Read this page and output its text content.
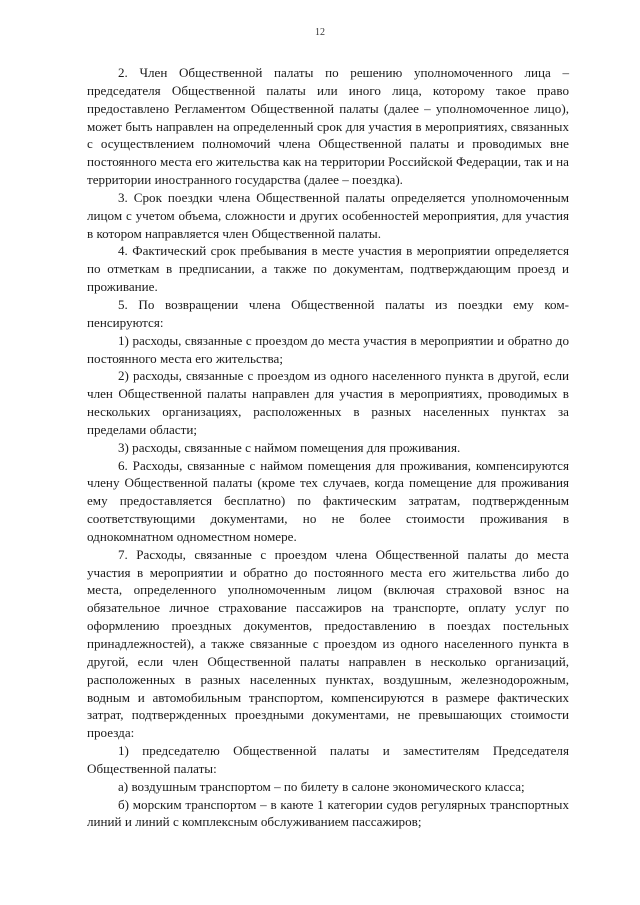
12

2. Член Общественной палаты по решению уполномоченного лица – председателя Общественной палаты или иного лица, которому такое право предоставлено Регламентом Общественной палаты (далее – уполномоченное лицо), может быть направлен на определенный срок для участия в мероприятиях, связанных с осуществлением полномочий члена Общественной палаты и проводимых вне постоянного места его жительства как на территории Российской Федерации, так и на территории иностранного государства (далее – поездка).

3. Срок поездки члена Общественной палаты определяется уполномоченным лицом с учетом объема, сложности и других особенностей мероприятия, для участия в котором направляется член Общественной палаты.

4. Фактический срок пребывания в месте участия в мероприятии определяется по отметкам в предписании, а также по документам, подтверждающим проезд и проживание.

5. По возвращении члена Общественной палаты из поездки ему компенсируются:

1) расходы, связанные с проездом до места участия в мероприятии и обратно до постоянного места его жительства;

2) расходы, связанные с проездом из одного населенного пункта в другой, если член Общественной палаты направлен для участия в мероприятиях, проводимых в нескольких организациях, расположенных в разных населенных пунктах за пределами области;

3) расходы, связанные с наймом помещения для проживания.

6. Расходы, связанные с наймом помещения для проживания, компенсируются члену Общественной палаты (кроме тех случаев, когда помещение для проживания ему предоставляется бесплатно) по фактическим затратам, подтвержденным соответствующими документами, но не более стоимости проживания в однокомнатном одноместном номере.

7. Расходы, связанные с проездом члена Общественной палаты до места участия в мероприятии и обратно до постоянного места его жительства либо до места, определенного уполномоченным лицом (включая страховой взнос на обязательное личное страхование пассажиров на транспорте, оплату услуг по оформлению проездных документов, предоставлению в поездах постельных принадлежностей), а также связанные с проездом из одного населенного пункта в другой, если член Общественной палаты направлен в несколько организаций, расположенных в разных населенных пунктах, воздушным, железнодорожным, водным и автомобильным транспортом, компенсируются в размере фактических затрат, подтвержденных проездными документами, не превышающих стоимости проезда:

1) председателю Общественной палаты и заместителям Председателя Общественной палаты:

а) воздушным транспортом – по билету в салоне экономического класса;

б) морским транспортом – в каюте 1 категории судов регулярных транспортных линий и линий с комплексным обслуживанием пассажиров;
